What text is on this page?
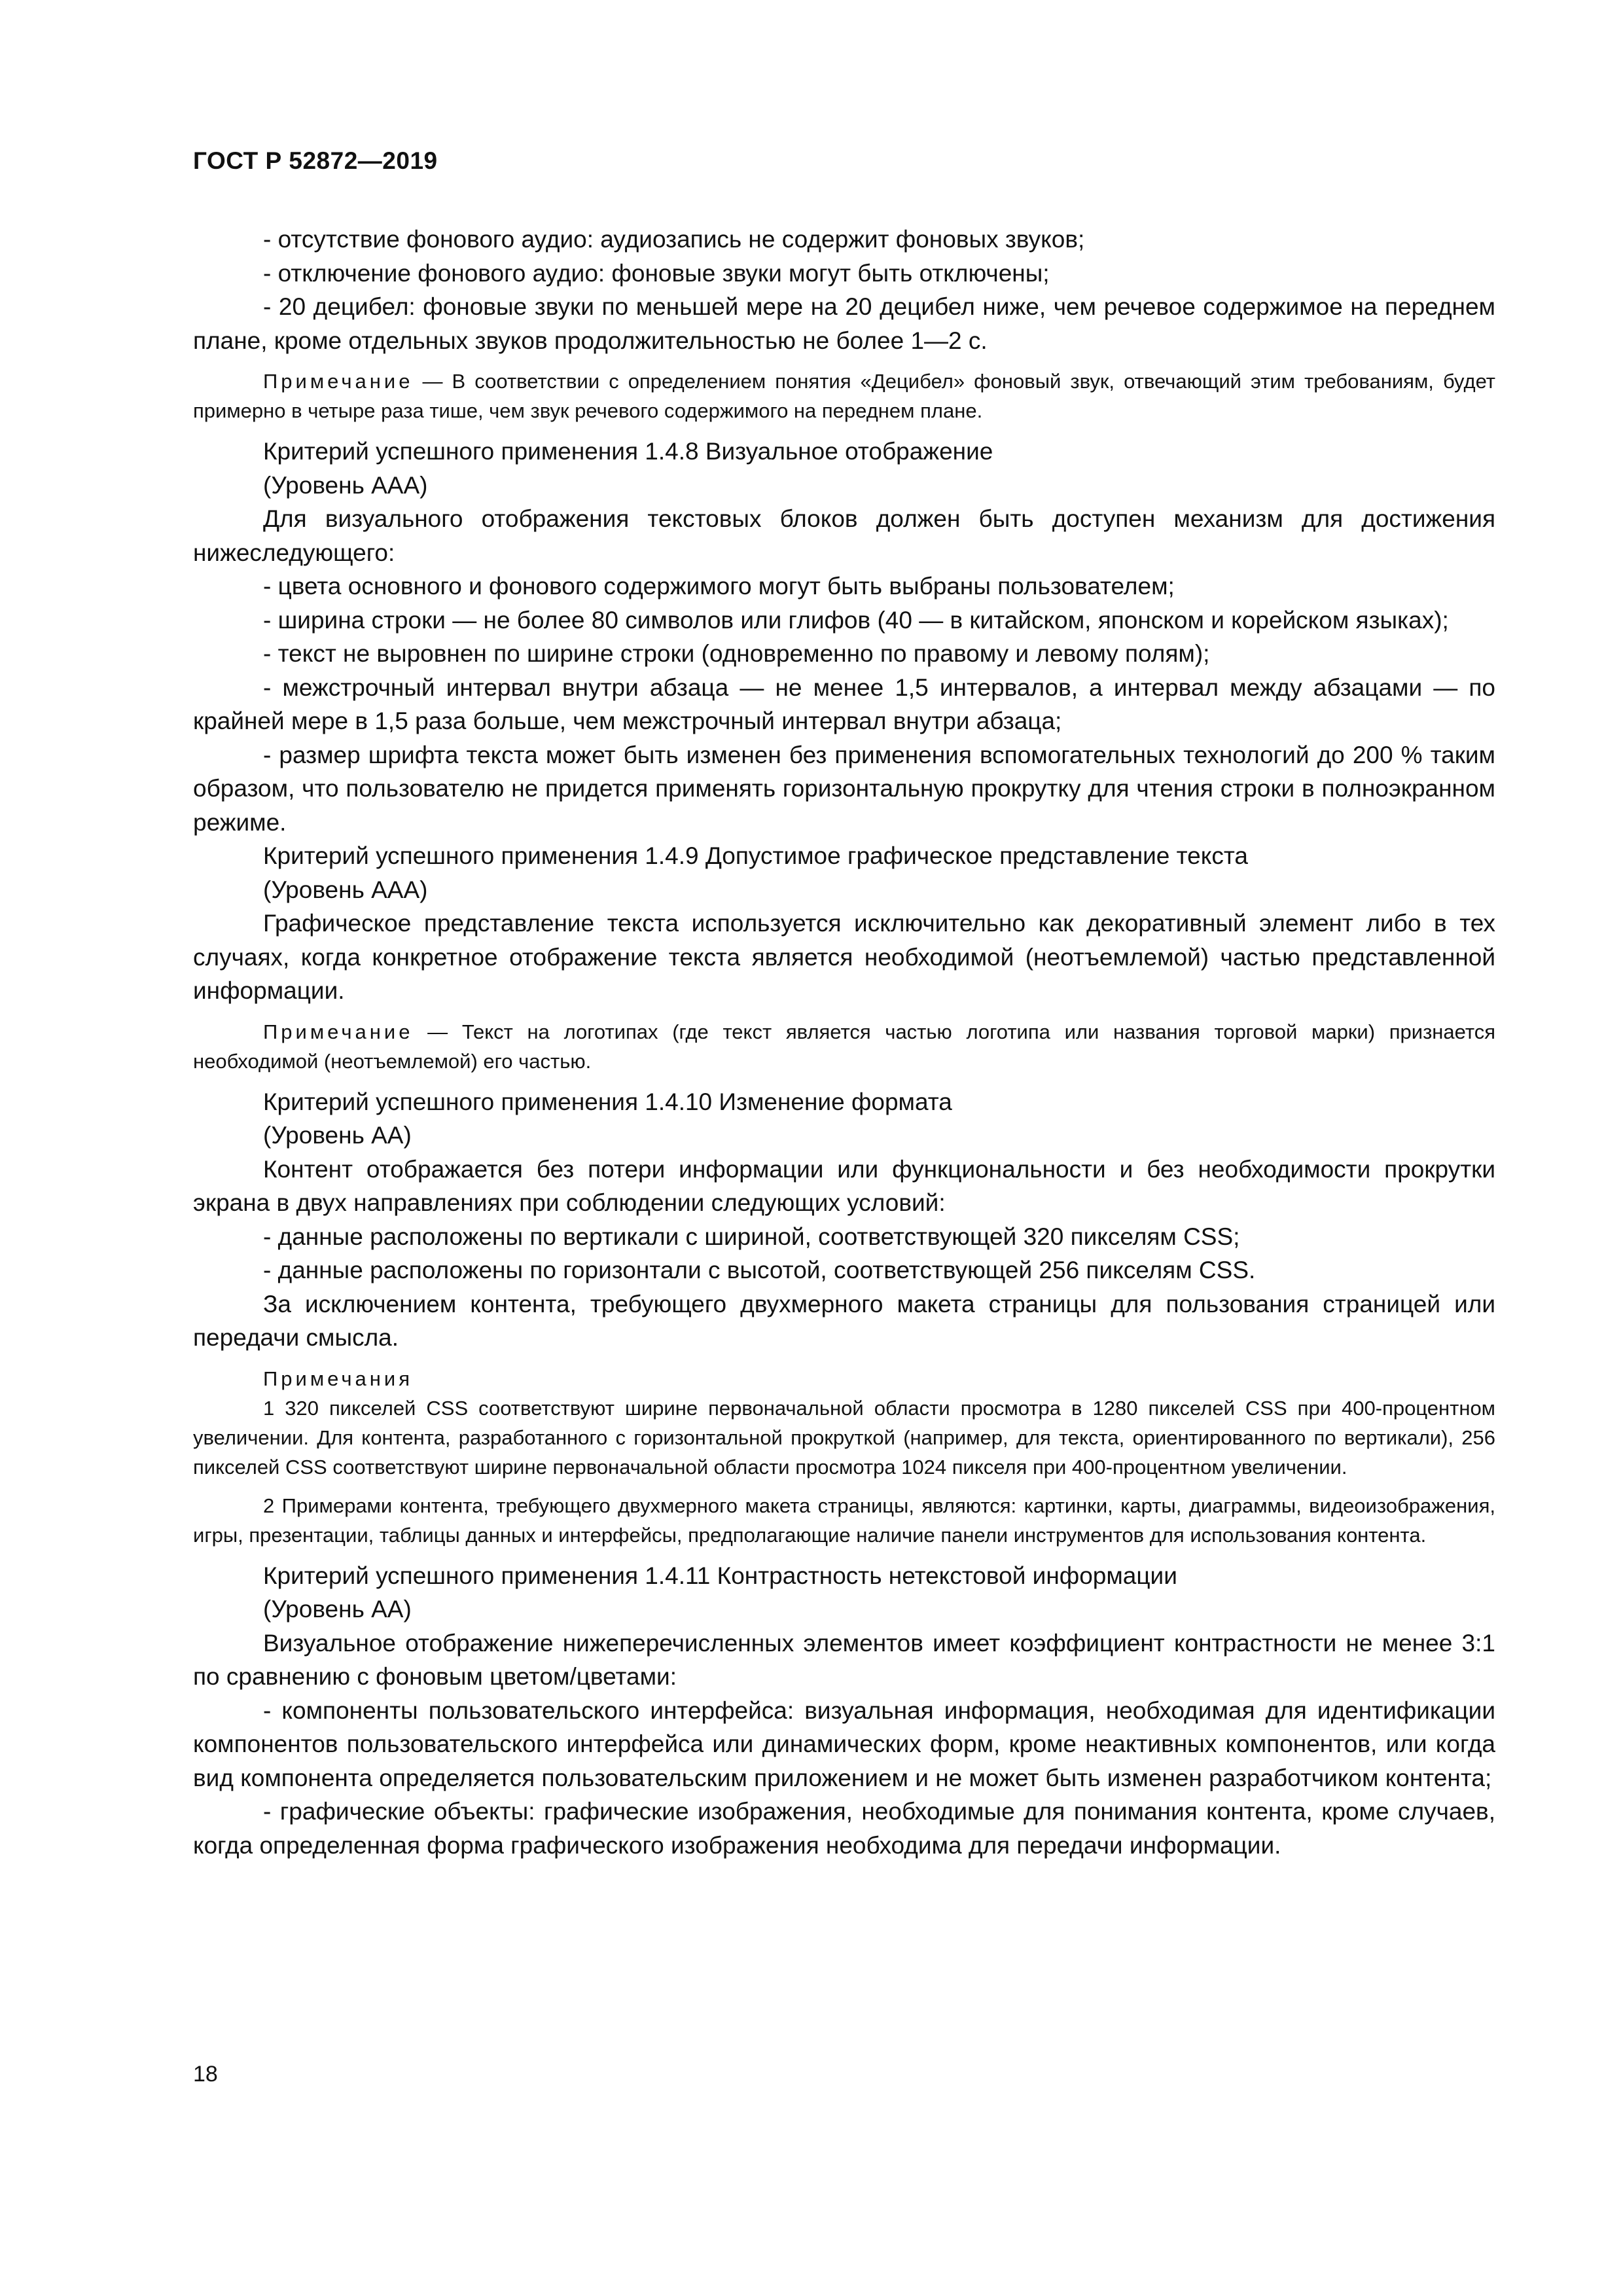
ГОСТ Р 52872—2019

- отсутствие фонового аудио: аудиозапись не содержит фоновых звуков;

- отключение фонового аудио: фоновые звуки могут быть отключены;

- 20 децибел: фоновые звуки по меньшей мере на 20 децибел ниже, чем речевое содержимое на переднем плане, кроме отдельных звуков продолжительностью не более 1—2 с.

Примечание — В соответствии с определением понятия «Децибел» фоновый звук, отвечающий этим требованиям, будет примерно в четыре раза тише, чем звук речевого содержимого на переднем плане.

Критерий успешного применения 1.4.8 Визуальное отображение

(Уровень ААА)

Для визуального отображения текстовых блоков должен быть доступен механизм для достижения нижеследующего:

- цвета основного и фонового содержимого могут быть выбраны пользователем;

- ширина строки — не более 80 символов или глифов (40 — в китайском, японском и корейском языках);

- текст не выровнен по ширине строки (одновременно по правому и левому полям);

- межстрочный интервал внутри абзаца — не менее 1,5 интервалов, а интервал между абзацами — по крайней мере в 1,5 раза больше, чем межстрочный интервал внутри абзаца;

- размер шрифта текста может быть изменен без применения вспомогательных технологий до 200 % таким образом, что пользователю не придется применять горизонтальную прокрутку для чтения строки в полноэкранном режиме.

Критерий успешного применения 1.4.9 Допустимое графическое представление текста

(Уровень ААА)

Графическое представление текста используется исключительно как декоративный элемент либо в тех случаях, когда конкретное отображение текста является необходимой (неотъемлемой) частью представленной информации.

Примечание — Текст на логотипах (где текст является частью логотипа или названия торговой марки) признается необходимой (неотъемлемой) его частью.

Критерий успешного применения 1.4.10 Изменение формата

(Уровень АА)

Контент отображается без потери информации или функциональности и без необходимости прокрутки экрана в двух направлениях при соблюдении следующих условий:

- данные расположены по вертикали с шириной, соответствующей 320 пикселям CSS;

- данные расположены по горизонтали с высотой, соответствующей 256 пикселям CSS.

За исключением контента, требующего двухмерного макета страницы для пользования страницей или передачи смысла.

Примечания

1 320 пикселей CSS соответствуют ширине первоначальной области просмотра в 1280 пикселей CSS при 400-процентном увеличении. Для контента, разработанного с горизонтальной прокруткой (например, для текста, ориентированного по вертикали), 256 пикселей CSS соответствуют ширине первоначальной области просмотра 1024 пикселя при 400-процентном увеличении.

2 Примерами контента, требующего двухмерного макета страницы, являются: картинки, карты, диаграммы, видеоизображения, игры, презентации, таблицы данных и интерфейсы, предполагающие наличие панели инструментов для использования контента.

Критерий успешного применения 1.4.11 Контрастность нетекстовой информации

(Уровень АА)

Визуальное отображение нижеперечисленных элементов имеет коэффициент контрастности не менее 3:1 по сравнению с фоновым цветом/цветами:

- компоненты пользовательского интерфейса: визуальная информация, необходимая для идентификации компонентов пользовательского интерфейса или динамических форм, кроме неактивных компонентов, или когда вид компонента определяется пользовательским приложением и не может быть изменен разработчиком контента;

- графические объекты: графические изображения, необходимые для понимания контента, кроме случаев, когда определенная форма графического изображения необходима для передачи информации.

18
